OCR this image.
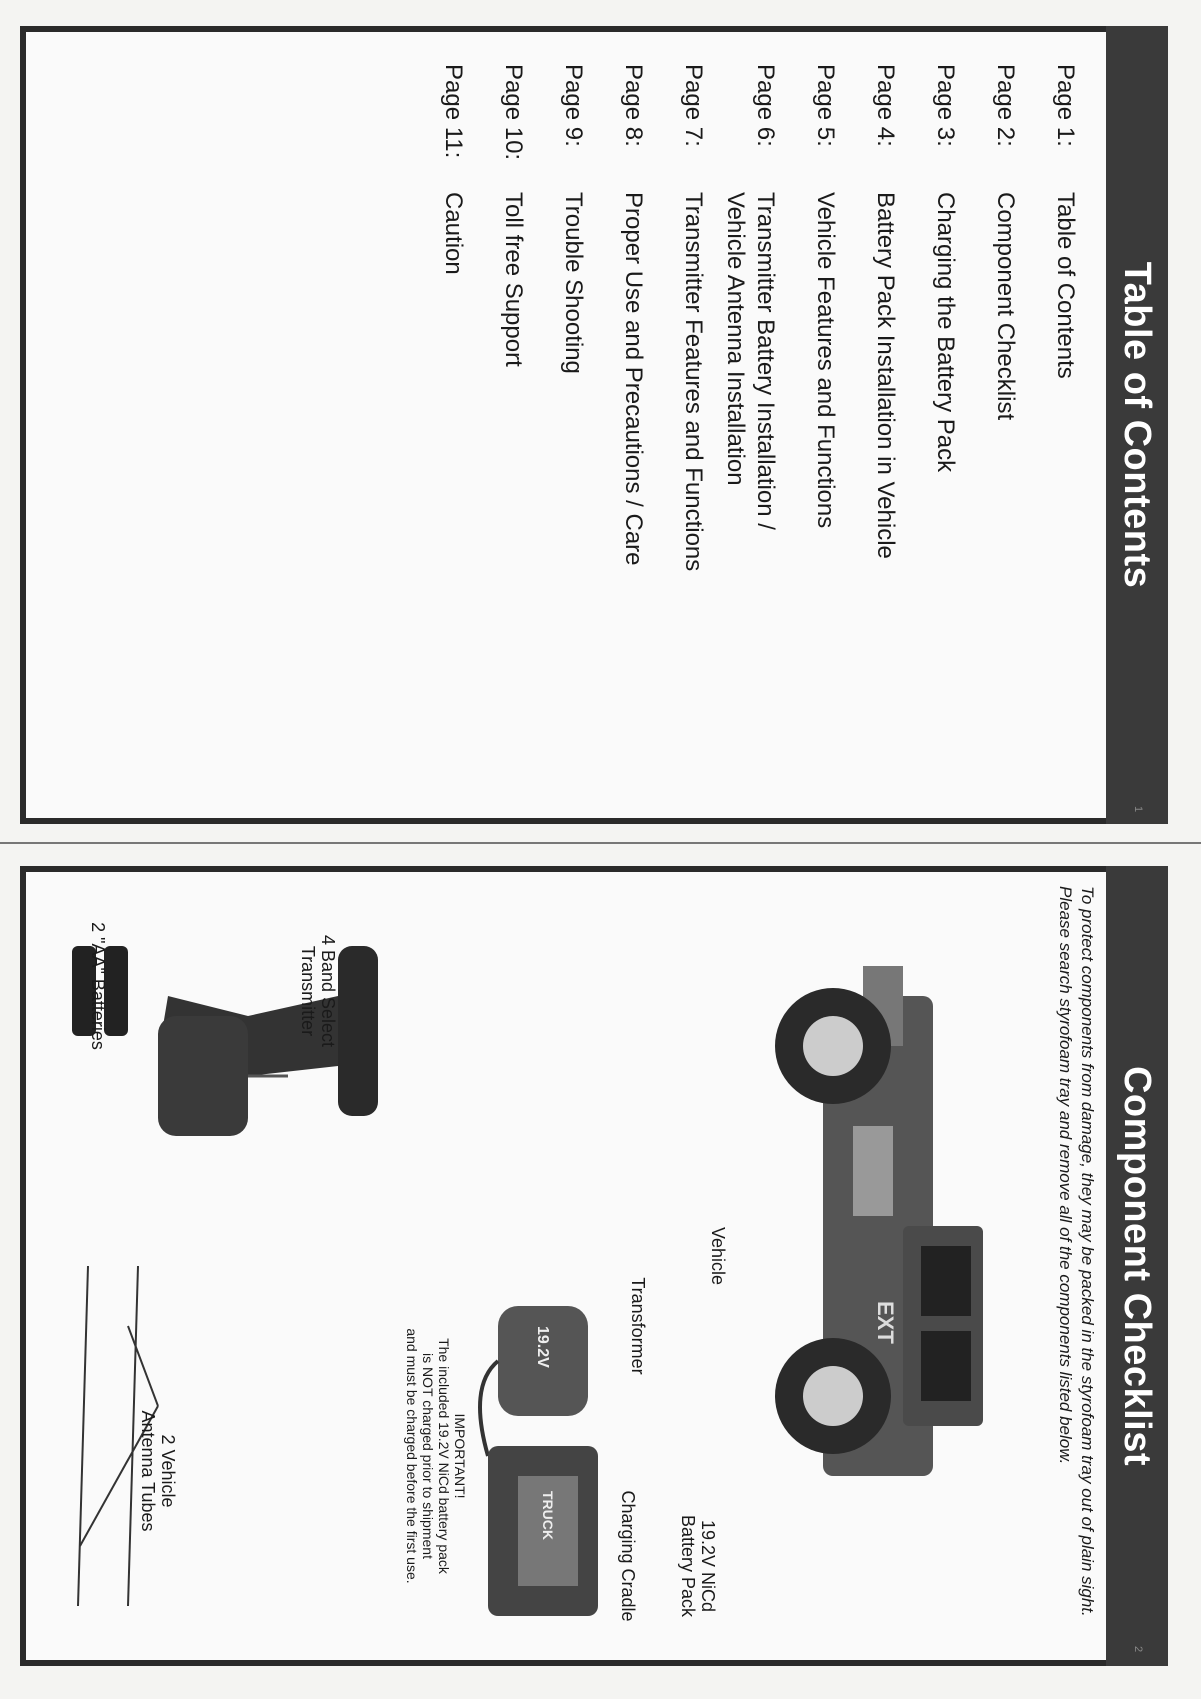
Table of Contents
Page 1:
Table of Contents
Page 2:
Component Checklist
Page 3:
Charging the Battery Pack
Page 4:
Battery Pack Installation in Vehicle
Page 5:
Vehicle Features and Functions
Page 6:
Transmitter Battery Installation /
Vehicle Antenna Installation
Page 7:
Transmitter Features and Functions
Page 8:
Proper Use and Precautions / Care
Page 9:
Trouble Shooting
Page 10:
Toll free Support
Page 11:
Caution
1
Component Checklist
2
To protect components from damage, they may be packed in the styrofoam tray out of plain sight. Please search styrofoam tray and remove all of the components listed below.
EXT
Vehicle
19.2V NiCd
Battery Pack
Transformer
Charging Cradle
19.2V
TRUCK
IMPORTANT!
The included 19.2V NiCd battery pack
is NOT charged prior to shipment
and must be charged before the first use.
4 Band Select
Transmitter
2 "AA" Batteries
2 Vehicle
Antenna Tubes
